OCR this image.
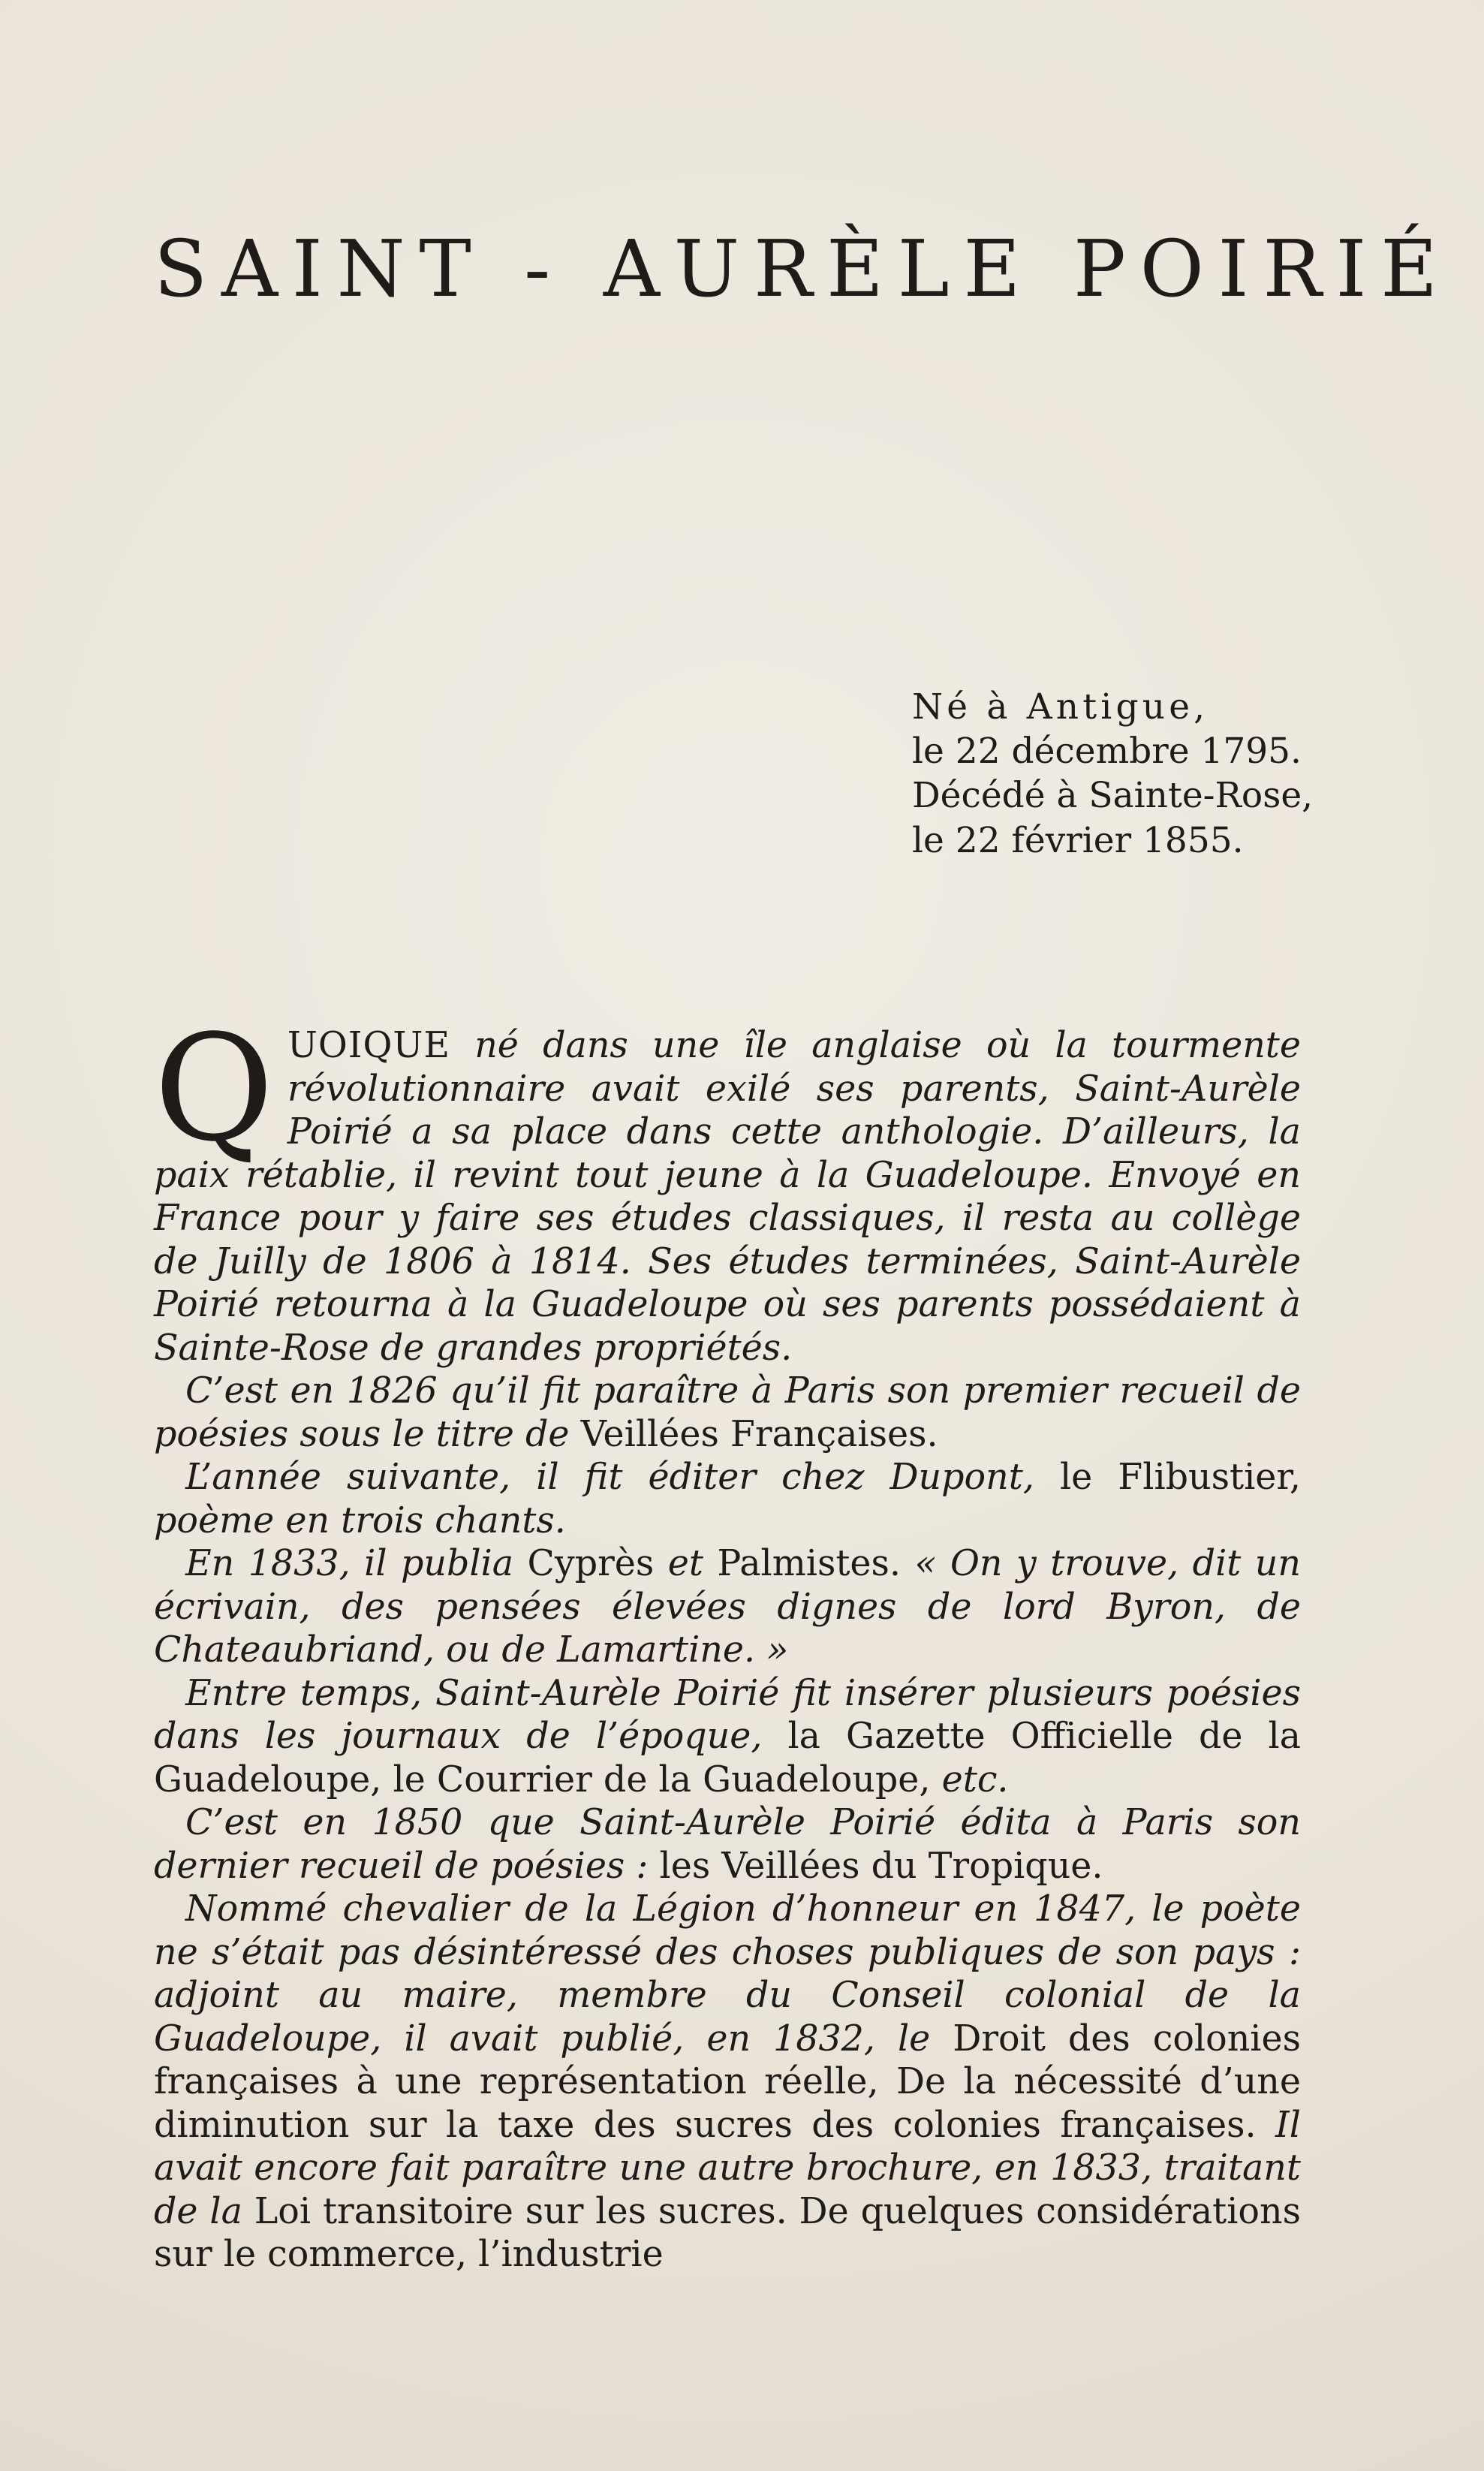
SAINT - AURÈLE POIRIÉ
Né à Antigue,
le 22 décembre 1795.
Décédé à Sainte-Rose,
le 22 février 1855.

QUOIQUE né dans une île anglaise où la tourmente révolutionnaire avait exilé ses parents, Saint-Aurèle Poirié a sa place dans cette anthologie. D’ailleurs, la paix rétablie, il revint tout jeune à la Guadeloupe. Envoyé en France pour y faire ses études classiques, il resta au collège de Juilly de 1806 à 1814. Ses études terminées, Saint-Aurèle Poirié retourna à la Guadeloupe où ses parents possédaient à Sainte-Rose de grandes propriétés.

C’est en 1826 qu’il fit paraître à Paris son premier recueil de poésies sous le titre de Veillées Françaises.

L’année suivante, il fit éditer chez Dupont, le Flibustier, poème en trois chants.

En 1833, il publia Cyprès et Palmistes. « On y trouve, dit un écrivain, des pensées élevées dignes de lord Byron, de Chateaubriand, ou de Lamartine. »

Entre temps, Saint-Aurèle Poirié fit insérer plusieurs poésies dans les journaux de l’époque, la Gazette Officielle de la Guadeloupe, le Courrier de la Guadeloupe, etc.

C’est en 1850 que Saint-Aurèle Poirié édita à Paris son dernier recueil de poésies : les Veillées du Tropique.

Nommé chevalier de la Légion d’honneur en 1847, le poète ne s’était pas désintéressé des choses publiques de son pays : adjoint au maire, membre du Conseil colonial de la Guadeloupe, il avait publié, en 1832, le Droit des colonies françaises à une représentation réelle, De la nécessité d’une diminution sur la taxe des sucres des colonies françaises. Il avait encore fait paraître une autre brochure, en 1833, traitant de la Loi transitoire sur les sucres. De quelques considérations sur le commerce, l’industrie
